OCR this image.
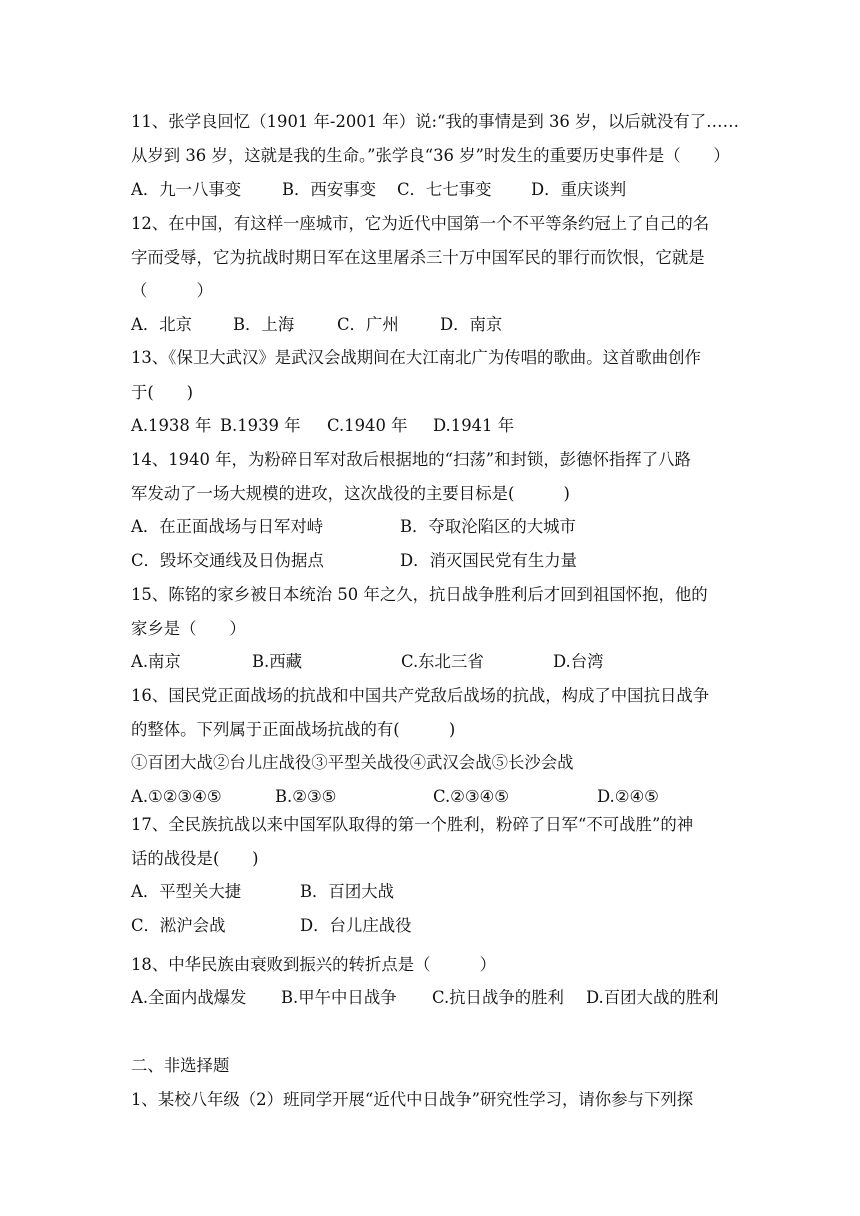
11、张学良回忆（1901 年-2001 年）说:“我的事情是到 36 岁，以后就没有了……
从岁到 36 岁，这就是我的生命。”张学良“36 岁”时发生的重要历史事件是（　　）
A．九一八事变 B．西安事变 C．七七事变 D．重庆谈判
12、在中国，有这样一座城市，它为近代中国第一个不平等条约冠上了自己的名
字而受辱，它为抗战时期日军在这里屠杀三十万中国军民的罪行而饮恨，它就是
（　　　）
A．北京 B．上海	C．广州	D．南京
13、《保卫大武汉》是武汉会战期间在大江南北广为传唱的歌曲。这首歌曲创作
于(　　)
A.1938 年 B.1939 年 C.1940 年 D.1941 年
14、1940 年，为粉碎日军对敌后根据地的“扫荡”和封锁，彭德怀指挥了八路
军发动了一场大规模的进攻，这次战役的主要目标是(　　　)
A．在正面战场与日军对峙	B．夺取沦陷区的大城市
C．毁坏交通线及日伪据点	D．消灭国民党有生力量
15、陈铭的家乡被日本统治 50 年之久，抗日战争胜利后才回到祖国怀抱，他的
家乡是（　　）
A.南京	B.西藏	C.东北三省	D.台湾
16、国民党正面战场的抗战和中国共产党敌后战场的抗战，构成了中国抗日战争
的整体。下列属于正面战场抗战的有(　　　)
①百团大战②台儿庄战役③平型关战役④武汉会战⑤长沙会战
A.①②③④⑤	B.②③⑤	C.②③④⑤	D.②④⑤
17、全民族抗战以来中国军队取得的第一个胜利，粉碎了日军“不可战胜”的神
话的战役是(　　)
A．平型关大捷	B．百团大战
C．淞沪会战	D．台儿庄战役
18、中华民族由衰败到振兴的转折点是（　　　）
A.全面内战爆发 B.甲午中日战争 C.抗日战争的胜利 D.百团大战的胜利
二、非选择题
1、某校八年级（2）班同学开展“近代中日战争”研究性学习，请你参与下列探
